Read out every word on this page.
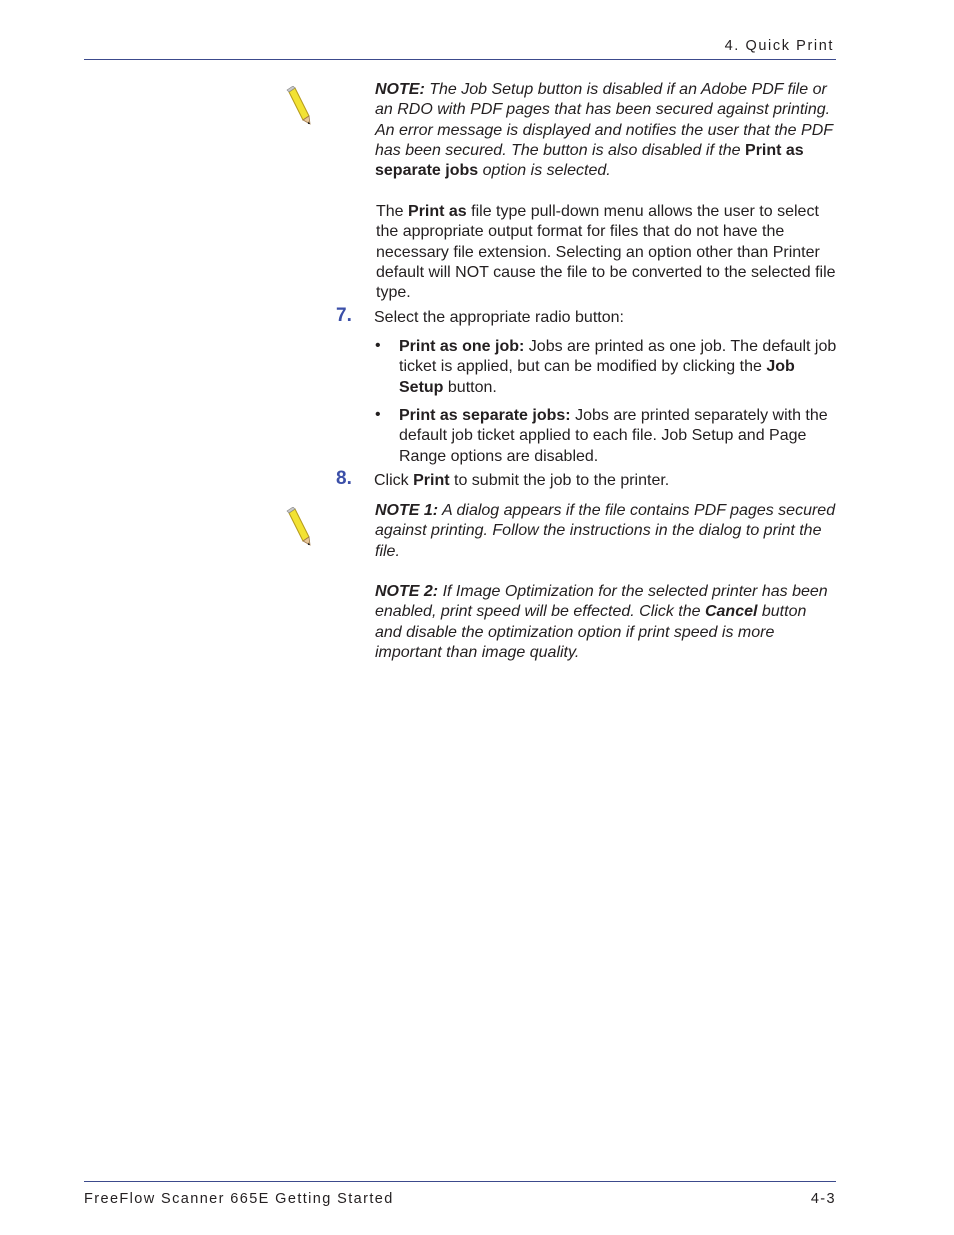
4. Quick Print
NOTE: The Job Setup button is disabled if an Adobe PDF file or an RDO with PDF pages that has been secured against printing. An error message is displayed and notifies the user that the PDF has been secured. The button is also disabled if the Print as separate jobs option is selected.
The Print as file type pull-down menu allows the user to select the appropriate output format for files that do not have the necessary file extension. Selecting an option other than Printer default will NOT cause the file to be converted to the selected file type.
7. Select the appropriate radio button:
• Print as one job: Jobs are printed as one job. The default job ticket is applied, but can be modified by clicking the Job Setup button.
• Print as separate jobs: Jobs are printed separately with the default job ticket applied to each file. Job Setup and Page Range options are disabled.
8. Click Print to submit the job to the printer.
NOTE 1: A dialog appears if the file contains PDF pages secured against printing. Follow the instructions in the dialog to print the file.
NOTE 2: If Image Optimization for the selected printer has been enabled, print speed will be effected. Click the Cancel button and disable the optimization option if print speed is more important than image quality.
FreeFlow Scanner 665E Getting Started	4-3
